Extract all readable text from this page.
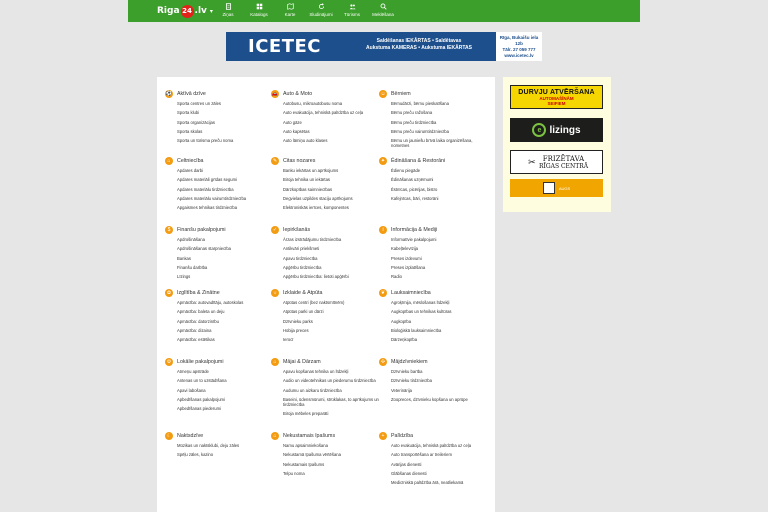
Riga 24 .lv ▾ Ziņas	Katalogs	Karte	Sludinājumi	Tūrisms	Meklēšana
ICETEC	Saldēšanas IEKĀRTAS • Saldētavas
Aukstuma KAMERAS • Aukstuma IEKĀRTAS
Rīga, Bukaišu iela 12b
Tālr. 27 059 777
www.icetec.lv
⚽ Aktīvā dzīve
Sporta centres un zāles
Sporta klubi
Sporta organizācijas
Sporta skolas
Sporta un tūrisma preču noma
🚗 Auto & Moto
Autobusu, mikroautobusu noma
Auto evakuācija, tehniskā palīdzība uz ceļa
Auto gāze
Auto kapsētas
Auto lāmiņu auto klases
☺ Bērniem
Bērnudārzi, bērnu pieskatīšana
Bērnu preču ražošana
Bērnu preču tirdzniecība
Bērnu preču vairumtirdzniecība
Bērnu un jauniešu brīvā laika organizēšana, nometnes
⌂	Celtniecība
Apdares darbi
Apdares materiāli grīdas segumi
Apdares materiālu tirdzniecība
Apdares materiālu vairumtirdzniecība
Apgaismes tehnikas tirdzniecība
✎	Citas nozares
Banku iekārtas un aprīkojums
Biroja tehnika un iekārtas
Dārzkopības saimniecības
Degvielas uzpildes staciju aprīkojums
Elektroniskās ierīces, komponentes
✦	Ēdināšana & Restorāni
Ēdienu piegāde
Ēdināšanas uzņēmumi
Ēstnīcas, picērijas, bistro
Kafejnīcas, bāri, restorāni
$	Finanšu pakalpojumi
Apdrošināšana
Apdrošināšanas starpniecība
Bankas
Finanšu darbība
Līzings
✓	Iepirkšanās
Ārzas izstrādājumu tirdzniecība
Antikvāri priekšmeti
Apavu tirdzniecība
Apģērbu tirdzniecība
Apģērbu tirdzniecība: lietoti apģērbi
i	Informācija & Mediji
Informatīvie pakalpojumi
Kabeļtelevīzija
Preses izdevumi
Preses izplatīšana
Radio
✿	Izglītība & Zinātne
Apmācība: autovadītāju, autoskolas
Apmācība: baleta un deju
Apmācība: datorzinību
Apmācība: dizaina
Apmācība: estētikas
☼	Izklaide & Atpūta
Atpūtas centri (bez naktsmītnēm)
Atpūtas parki un dārzi
Dzīvnieku parks
Hobija preces
Ierocī
❦	Lauksaimniecība
Agroķīmija, mēslošanas līdzekļi
Augkopības un tehnikas kultūras
Augkopība
Bioloģiskā lauksaimniecība
Dārzeņkopība
⚙	Lokālie pakalpojumi
Atmeņu apstrāde
Antenas un to uzstādīšana
Apavi labošana
Apbedīšanas pakalpojumi
Apbedīšanas piederumi
⌂	Mājai & Dārzam
Apavu kopšanas tehnika un līdzekļi
Audio un videotehnikas un piederumu tirdzniecība
Audumu un aizkaru tirdzniecība
Baseini, ūdensmūrumi, strūklakas, to aprīkojums un tirdzniecība
Biroja mēbeles preparāti
✣	Mājdzīvniekiem
Dzīvnieku barība
Dzīvnieku tirdzniecība
Veterinārija
Zoopreces, dzīvnieku kopšana un aprūpe
☾	Naktsdzīve
Mūzikas un naktsklubi, deju zāles
Spēļu zāles, kazino
⌂	Nekustamais īpašums
Namu apsaimniekošana
Nekustamā īpašuma vērtēšana
Nekustamais īpašums
Telpu noma
+	Palīdzība
Auto evakuācija, tehniskā palīdzība uz ceļa
Auto transportēšana ar treileriem
Avārijas dienesti
Glābšanas dienesti
Medicīniskā palīdzība ārā, neatliekamā
DURVJU ATVĒRŠANA
AUTOMAŠĪNĀM
SEIFIEM
e lizings
✂	FRIZĒTAVA
RĪGAS CENTRĀ
AUGS
